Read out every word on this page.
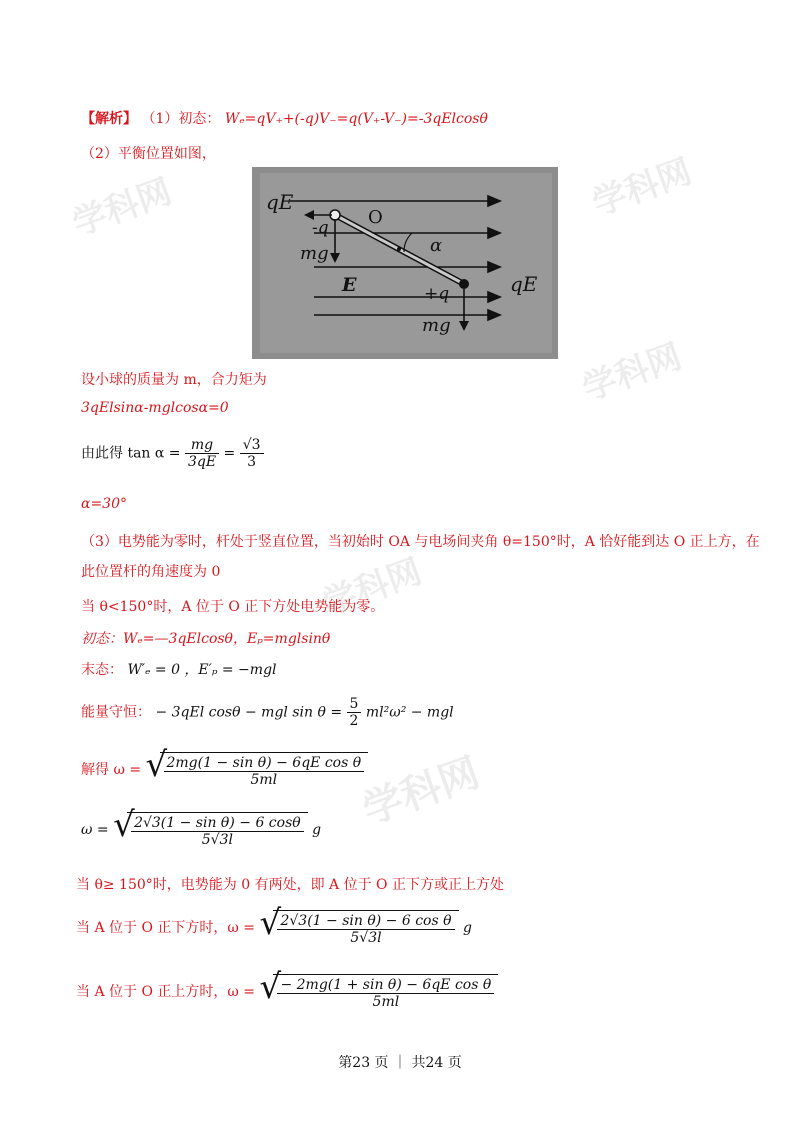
学科网	学科网
学科网
学科网
学科网
【解析】 （1）初态： Wₑ=qV₊+(-q)V₋=q(V₊-V₋)=-3qElcosθ
（2）平衡位置如图，
qE
-q O
α
mg
E	+q	qE
mg
设小球的质量为 m，合力矩为
3qElsinα-mglcosα=0
由此得 $\tan \alpha = \frac{mg}{3qE} = \frac{√3}{3}$
α=30°
（3）电势能为零时，杆处于竖直位置，当初始时 OA 与电场间夹角 θ=150°时，A 恰好能到达 O 正上方，在
此位置杆的角速度为 0
当 θ<150°时，A 位于 O 正下方处电势能为零。
初态：Wₑ=—3qElcosθ，Eₚ=mglsinθ
末态： W′ₑ = 0 ，E′ₚ = −mgl
能量守恒： − 3qEl cosθ − mgl $\sin \theta = \frac{5}{2} ml^2\omega^2$ − mgl
解得 ω = √
$\frac{\text{2mg(1 − sin θ) − 6qE cos θ}}{5ml}$
ω = √
$\frac{\text{2√3(1 − sin θ) − 6 cosθ}}{5√3l}$ g
当 θ≥ 150°时，电势能为 0 有两处，即 A 位于 O 正下方或正上方处
当 A 位于 O 正下方时，ω = √
$\frac{\text{2√3(1 − sin θ) − 6 cos θ}}{5√3l}$ g
当 A 位于 O 正上方时，ω = √
$\frac{\text{− 2mg(1 + sin θ) − 6qE cos θ}}{5ml}$
第23 页 ｜ 共24 页
